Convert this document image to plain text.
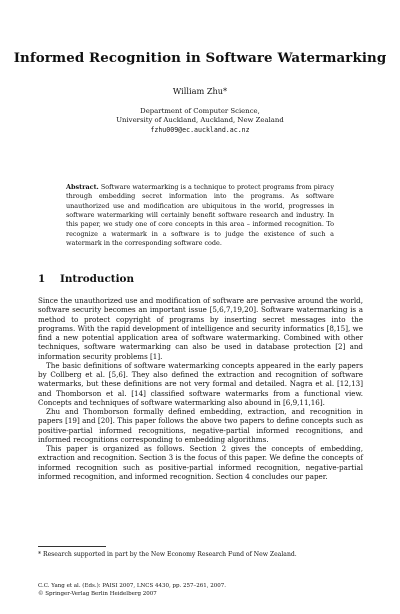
Informed Recognition in Software Watermarking
William Zhu*
Department of Computer Science,
University of Auckland, Auckland, New Zealand
fzhu009@ec.auckland.ac.nz
Abstract. Software watermarking is a technique to protect programs from piracy through embedding secret information into the programs. As software unauthorized use and modification are ubiquitous in the world, progresses in software watermarking will certainly benefit software research and industry. In this paper, we study one of core concepts in this area – informed recognition. To recognize a watermark in a software is to judge the existence of such a watermark in the corresponding software code.
1 Introduction

Since the unauthorized use and modification of software are pervasive around the world, software security becomes an important issue [5,6,7,19,20]. Software watermarking is a method to protect copyright of programs by inserting secret messages into the programs. With the rapid development of intelligence and security informatics [8,15], we find a new potential application area of software watermarking. Combined with other techniques, software watermarking can also be used in database protection [2] and information security problems [1].

The basic definitions of software watermarking concepts appeared in the early papers by Collberg et al. [5,6]. They also defined the extraction and recognition of software watermarks, but these definitions are not very formal and detailed. Nagra et al. [12,13] and Thomborson et al. [14] classified software watermarks from a functional view. Concepts and techniques of software watermarking also abound in [6,9,11,16].

Zhu and Thomborson formally defined embedding, extraction, and recognition in papers [19] and [20]. This paper follows the above two papers to define concepts such as positive-partial informed recognitions, negative-partial informed recognitions, and informed recognitions corresponding to embedding algorithms.

This paper is organized as follows. Section 2 gives the concepts of embedding, extraction and recognition. Section 3 is the focus of this paper. We define the concepts of informed recognition such as positive-partial informed recognition, negative-partial informed recognition, and informed recognition. Section 4 concludes our paper.

* Research supported in part by the New Economy Research Fund of New Zealand.
C.C. Yang et al. (Eds.): PAISI 2007, LNCS 4430, pp. 257–261, 2007.
© Springer-Verlag Berlin Heidelberg 2007
